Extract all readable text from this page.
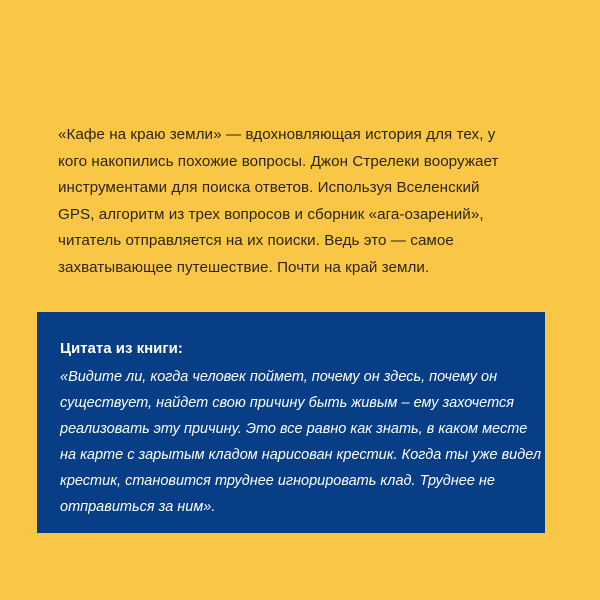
«Кафе на краю земли» — вдохновляющая история для тех, у
кого накопились похожие вопросы. Джон Стрелеки вооружает
инструментами для поиска ответов. Используя Вселенский
GPS, алгоритм из трех вопросов и сборник «ага-озарений»,
читатель отправляется на их поиски. Ведь это — самое
захватывающее путешествие. Почти на край земли.

Цитата из книги:

«Видите ли, когда человек поймет, почему он здесь, почему он
существует, найдет свою причину быть живым – ему захочется
реализовать эту причину. Это все равно как знать, в каком месте
на карте с зарытым кладом нарисован крестик. Когда ты уже видел
крестик, становится труднее игнорировать клад. Труднее не
отправиться за ним».
